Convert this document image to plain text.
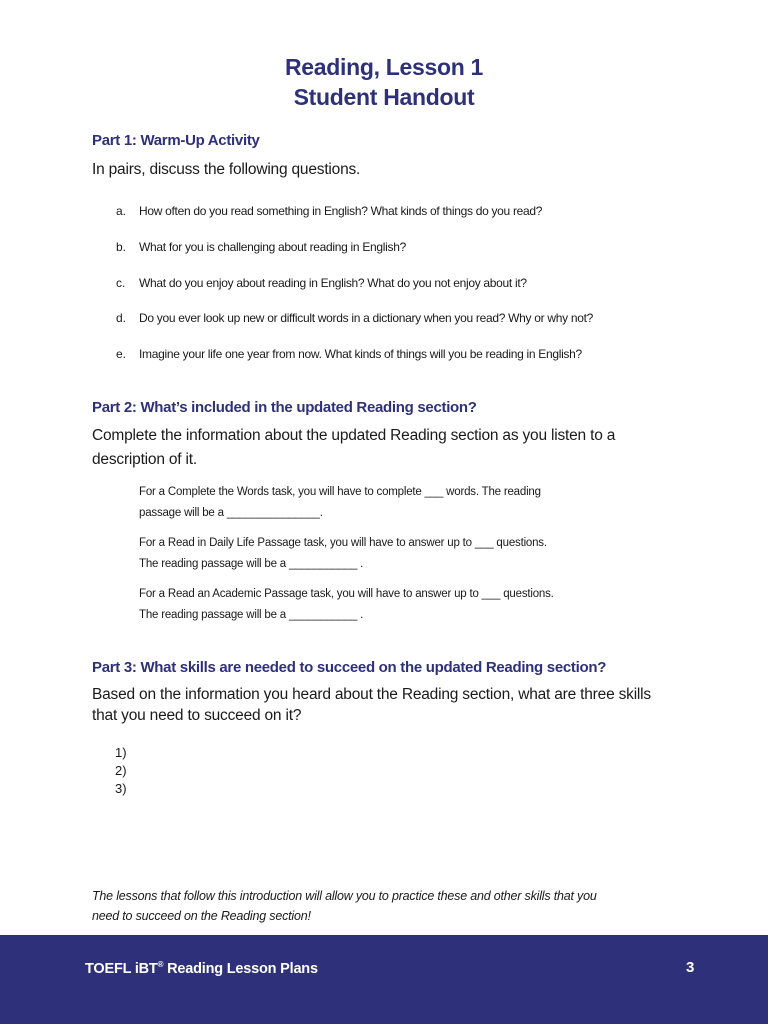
Reading, Lesson 1
Student Handout
Part 1: Warm-Up Activity
In pairs, discuss the following questions.
a. How often do you read something in English? What kinds of things do you read?
b. What for you is challenging about reading in English?
c. What do you enjoy about reading in English? What do you not enjoy about it?
d. Do you ever look up new or difficult words in a dictionary when you read? Why or why not?
e. Imagine your life one year from now. What kinds of things will you be reading in English?
Part 2: What’s included in the updated Reading section?
Complete the information about the updated Reading section as you listen to a description of it.
For a Complete the Words task, you will have to complete ___ words. The reading
passage will be a _______________.
For a Read in Daily Life Passage task, you will have to answer up to ___ questions.
The reading passage will be a ___________ .
For a Read an Academic Passage task, you will have to answer up to ___ questions.
The reading passage will be a ___________ .
Part 3: What skills are needed to succeed on the updated Reading section?
Based on the information you heard about the Reading section, what are three skills that you need to succeed on it?
1)
2)
3)
The lessons that follow this introduction will allow you to practice these and other skills that you need to succeed on the Reading section!
TOEFL iBT® Reading Lesson Plans	3
